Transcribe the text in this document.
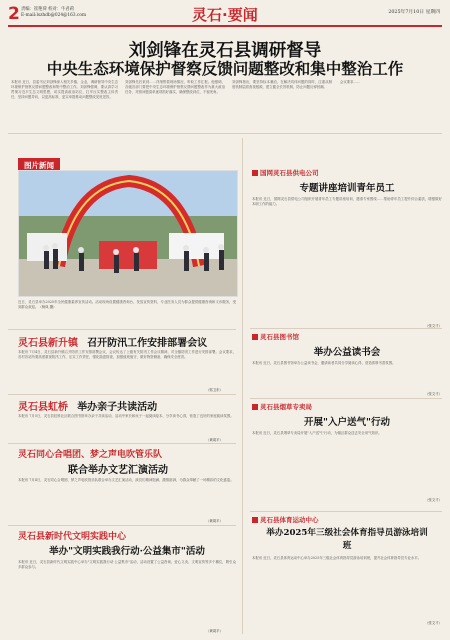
2 责编：崔艳荷 校对：牛君莉
E-mail:lszhdb@024@163.com	灵石·要闻	2025年7月10日 星期四
刘剑锋在灵石县调研督导
中央生态环境保护督察反馈问题整改和集中整治工作
本报讯 近日，县委书记刘剑锋深入相关乡镇、企业，调研督导中央生态环境保护督察反馈问题整改和集中整治工作。刘剑锋强调，要认真学习贯彻习近平生态文明思想，切实提高政治站位，扛牢压实整改主体责任，坚持问题导向，以更高标准、更实举措推动问题整改见底见效。
刘剑锋先后来到……详细察看现场情况，听取工作汇报。他强调，各级各部门要把中央生态环境保护督察反馈问题整改作为重大政治任务，对照问题清单逐项抓好落实，确保整改到位、不留死角。
刘剑锋指出，要坚持标本兼治，在解决具体问题的同时，注重从制度机制层面查找根源，建立健全长效机制，防止问题反弹回潮。
会议要求……
图片新闻
近日，灵石县举办2025年全民健康素养宣传活动。活动现场设置健康咨询台、发放宣传资料，专业医务人员为群众提供健康咨询和义诊服务，受到群众欢迎。（杨凤 摄）
灵石县新升镇 召开防汛工作安排部署会议
本报讯 7月4日，灵石县新升镇召开防汛工作安排部署会议，会议传达了上级有关防汛工作会议精神，对全镇防汛工作进行安排部署。会议要求，各村各站所要高度重视防汛工作，压实工作责任，强化隐患排查，加强值班值守，做好物资储备，确保安全度汛。
（郭卫东）
灵石县虹桥 举办亲子共读活动
本报讯 7月5日，灵石县虹桥社区联合图书馆举办亲子共读活动，活动中家长和孩子一起阅读绘本、分享读书心得，营造了良好的家庭阅读氛围。
（黄周平）
灵石同心合唱团、梦之声电吹管乐队
联合举办文艺汇演活动
本报讯 7月4日，灵石同心合唱团、梦之声电吹管乐队联合举办文艺汇演活动，演员们精神饱满、激情澎湃，为群众奉献了一场精彩的文化盛宴。
（黄周平）
灵石县新时代文明实践中心
举办"文明实践我行动·公益集市"活动
本报讯 近日，灵石县新时代文明实践中心举办"文明实践我行动·公益集市"活动，活动设置了公益咨询、爱心义卖、文明宣传等多个摊位，吸引众多群众参与。
（黄周平）
国网灵石县供电公司
专题讲座培训青年员工
本报讯 近日，国网灵石县供电公司组织开展青年员工专题讲座培训，邀请专家围绕……帮助青年员工提升综合素质，增强做好本职工作的能力。
（张文才）
灵石县图书馆
举办公益读书会
本报讯 近日，灵石县图书馆举办公益读书会，邀请读者共同分享阅读心得，营造浓厚书香氛围。
（张文才）
灵石县烟草专卖局
开展"入户送气"行动
本报讯 近日，灵石县烟草专卖局开展"入户送气"行动，为辖区群众送去安全用气知识。
（张文才）
灵石县体育运动中心
举办2025年三级社会体育指导员游泳培训班
本报讯 近日，灵石县体育运动中心举办2025年三级社会体育指导员游泳培训班，提升社会体育指导员专业水平。
（张文才）
